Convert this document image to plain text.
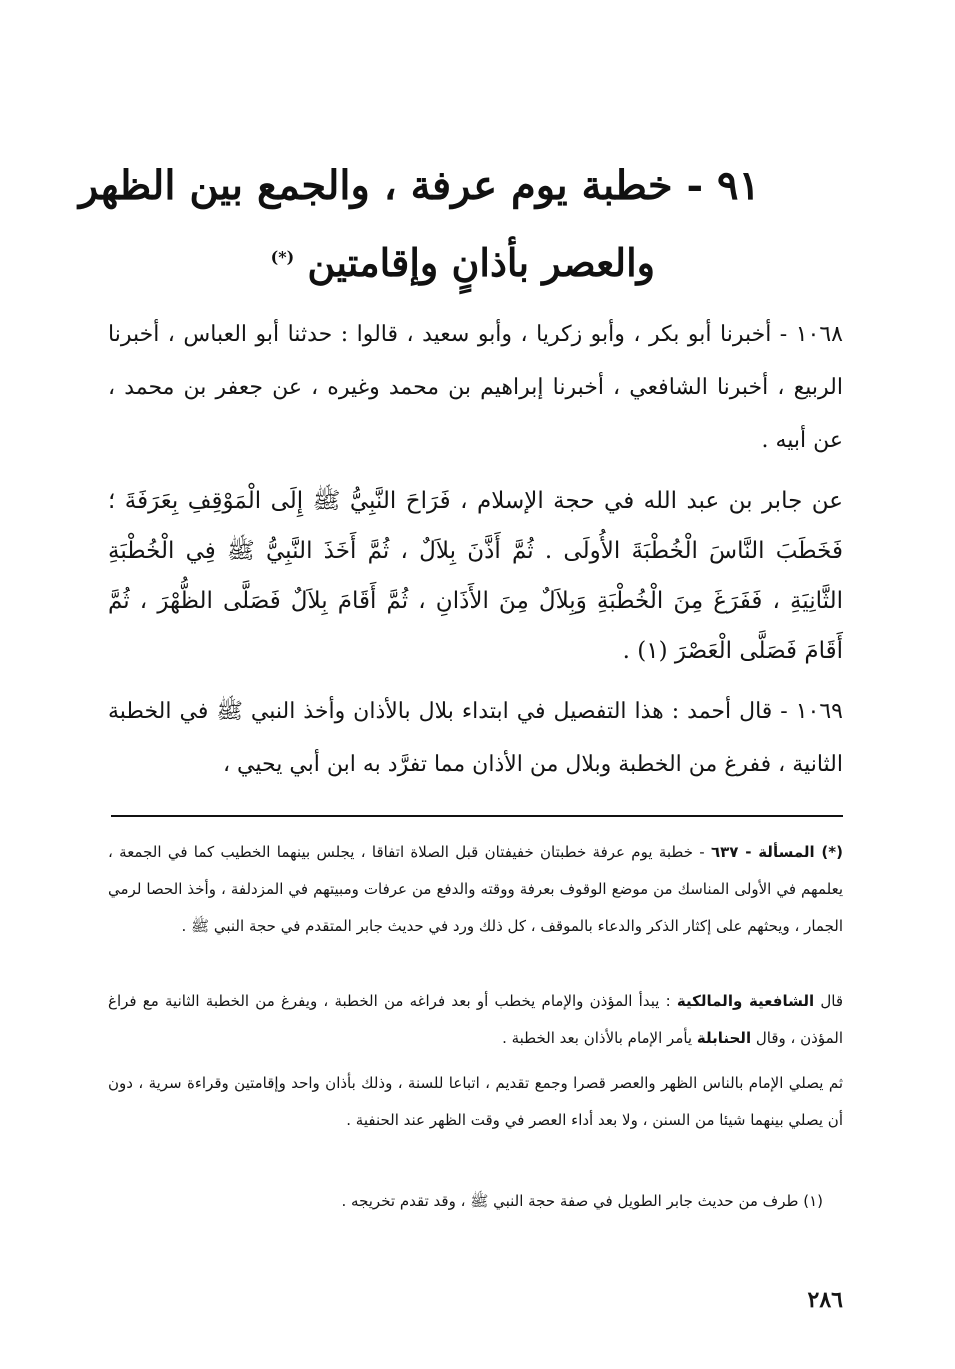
٩١ - خطبة يوم عرفة ، والجمع بين الظهر
والعصر بأذانٍ وإقامتين (*)
١٠٦٨ - أخبرنا أبو بكر ، وأبو زكريا ، وأبو سعيد ، قالوا : حدثنا أبو العباس ، أخبرنا الربيع ، أخبرنا الشافعي ، أخبرنا إبراهيم بن محمد وغيره ، عن جعفر بن محمد ، عن أبيه .
عن جابر بن عبد الله في حجة الإسلام ، فَرَاحَ النَّبِيُّ ﷺ إِلَى الْمَوْقِفِ بِعَرَفَةَ ؛ فَخَطَبَ النَّاسَ الْخُطْبَةَ الأُولَى . ثُمَّ أَذَّنَ بِلاَلٌ ، ثُمَّ أَخَذَ النَّبِيُّ ﷺ فِي الْخُطْبَةِ الثَّانِيَةِ ، فَفَرَغَ مِنَ الْخُطْبَةِ وَبِلاَلٌ مِنَ الأَذَانِ ، ثُمَّ أَقَامَ بِلاَلٌ فَصَلَّى الظُّهْرَ ، ثُمَّ أَقَامَ فَصَلَّى الْعَصْرَ (١) .
١٠٦٩ - قال أحمد : هذا التفصيل في ابتداء بلال بالأذان وأخذ النبي ﷺ في الخطبة الثانية ، ففرغ من الخطبة وبلال من الأذان مما تفرَّد به ابن أبي يحيي ،
(*) المسألة - ٦٣٧ - خطبة يوم عرفة خطبتان خفيفتان قبل الصلاة اتفاقا ، يجلس بينهما الخطيب كما في الجمعة ، يعلمهم في الأولى المناسك من موضع الوقوف بعرفة ووقته والدفع من عرفات ومبيتهم في المزدلفة ، وأخذ الحصا لرمي الجمار ، ويحثهم على إكثار الذكر والدعاء بالموقف ، كل ذلك ورد في حديث جابر المتقدم في حجة النبي ﷺ .
قال الشافعية والمالكية : يبدأ المؤذن والإمام يخطب أو بعد فراغه من الخطبة ، ويفرغ من الخطبة الثانية مع فراغ المؤذن ، وقال الحنابلة يأمر الإمام بالأذان بعد الخطبة .
ثم يصلي الإمام بالناس الظهر والعصر قصرا وجمع تقديم ، اتباعا للسنة ، وذلك بأذان واحد وإقامتين وقراءة سرية ، دون أن يصلي بينهما شيئا من السنن ، ولا بعد أداء العصر في وقت الظهر عند الحنفية .
(١) طرف من حديث جابر الطويل في صفة حجة النبي ﷺ ، وقد تقدم تخريجه .
٢٨٦
